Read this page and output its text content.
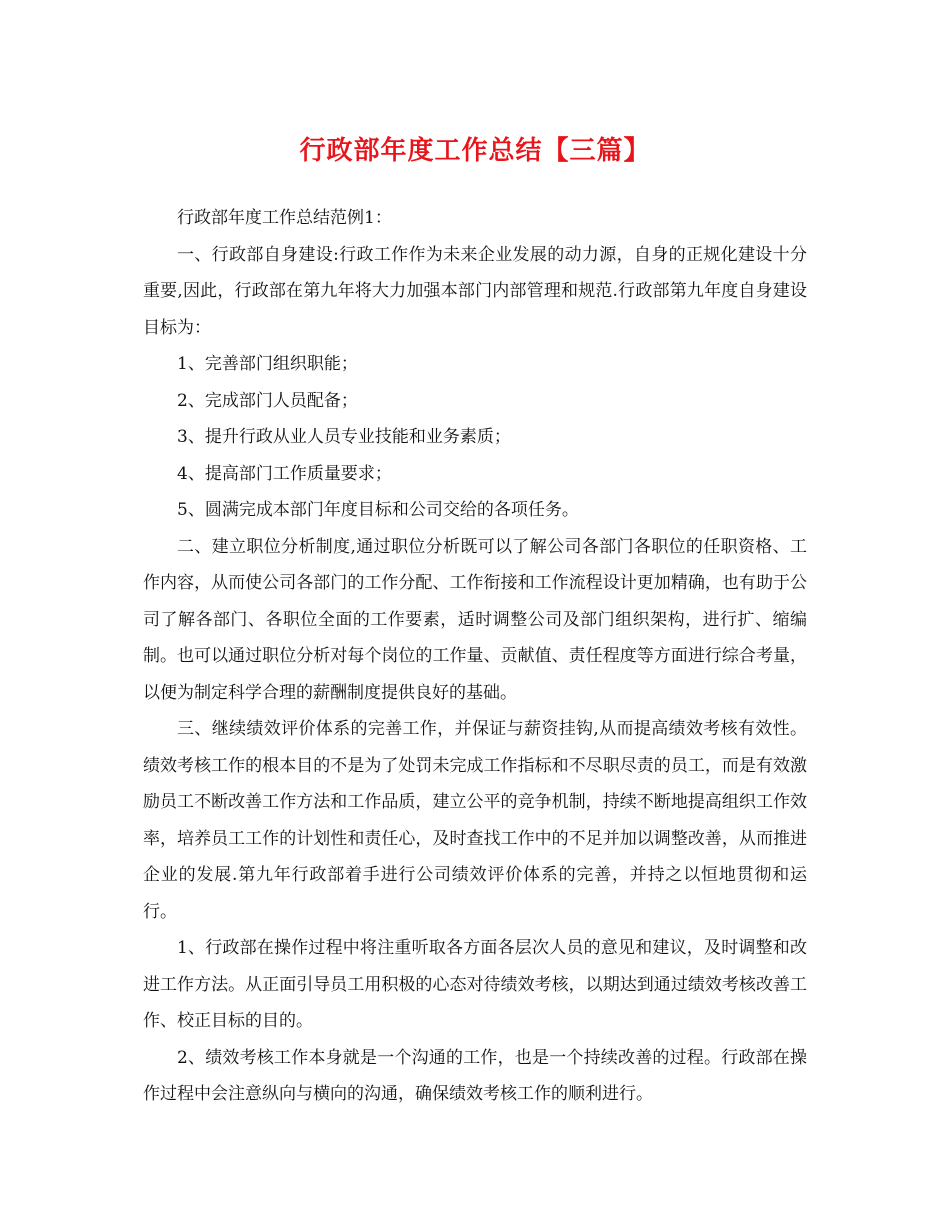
行政部年度工作总结【三篇】

行政部年度工作总结范例1：

一、行政部自身建设:行政工作作为未来企业发展的动力源，自身的正规化建设十分重要,因此，行政部在第九年将大力加强本部门内部管理和规范.行政部第九年度自身建设目标为：

1、完善部门组织职能；

2、完成部门人员配备；

3、提升行政从业人员专业技能和业务素质；

4、提高部门工作质量要求；

5、圆满完成本部门年度目标和公司交给的各项任务。

二、建立职位分析制度,通过职位分析既可以了解公司各部门各职位的任职资格、工作内容，从而使公司各部门的工作分配、工作衔接和工作流程设计更加精确，也有助于公司了解各部门、各职位全面的工作要素，适时调整公司及部门组织架构，进行扩、缩编制。也可以通过职位分析对每个岗位的工作量、贡献值、责任程度等方面进行综合考量，以便为制定科学合理的薪酬制度提供良好的基础。

三、继续绩效评价体系的完善工作，并保证与薪资挂钩,从而提高绩效考核有效性。绩效考核工作的根本目的不是为了处罚未完成工作指标和不尽职尽责的员工，而是有效激励员工不断改善工作方法和工作品质，建立公平的竞争机制，持续不断地提高组织工作效率，培养员工工作的计划性和责任心，及时查找工作中的不足并加以调整改善，从而推进企业的发展.第九年行政部着手进行公司绩效评价体系的完善，并持之以恒地贯彻和运行。

1、行政部在操作过程中将注重听取各方面各层次人员的意见和建议，及时调整和改进工作方法。从正面引导员工用积极的心态对待绩效考核，以期达到通过绩效考核改善工作、校正目标的目的。

2、绩效考核工作本身就是一个沟通的工作，也是一个持续改善的过程。行政部在操作过程中会注意纵向与横向的沟通，确保绩效考核工作的顺利进行。
